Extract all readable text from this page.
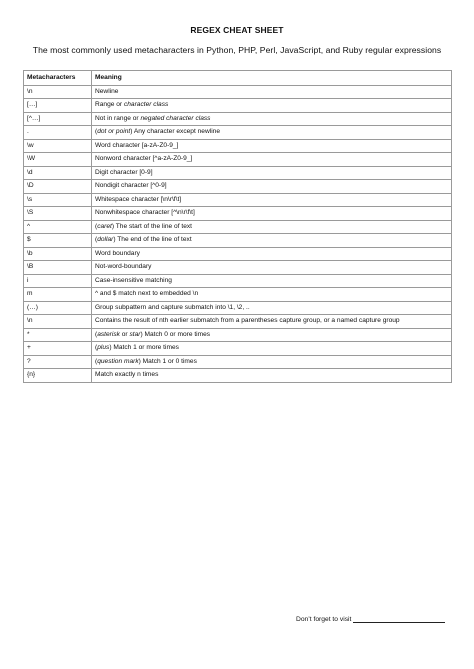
REGEX CHEAT SHEET
The most commonly used metacharacters in Python, PHP, Perl, JavaScript, and Ruby regular expressions
Metacharacters	Meaning
\n	Newline
[…]	Range or character class
[^…]	Not in range or negated character class
.	(dot or point) Any character except newline
\w	Word character [a-zA-Z0-9_]
\W	Nonword character [^a-zA-Z0-9_]
\d	Digit character [0-9]
\D	Nondigit character [^0-9]
\s	Whitespace character [\n\r\f\t]
\S	Nonwhitespace character [^\n\r\f\t]
^	(caret) The start of the line of text
$	(dollar) The end of the line of text
\b	Word boundary
\B	Not-word-boundary
i	Case-insensitive matching
m	^ and $ match next to embedded \n
(…)	Group subpattern and capture submatch into \1, \2, ..
\n	Contains the result of nth earlier submatch from a parentheses capture group, or a named capture group
*	(asterisk or star) Match 0 or more times
+	(plus) Match 1 or more times
?	(question mark) Match 1 or 0 times
{n}	Match exactly n times
Don’t forget to visit
